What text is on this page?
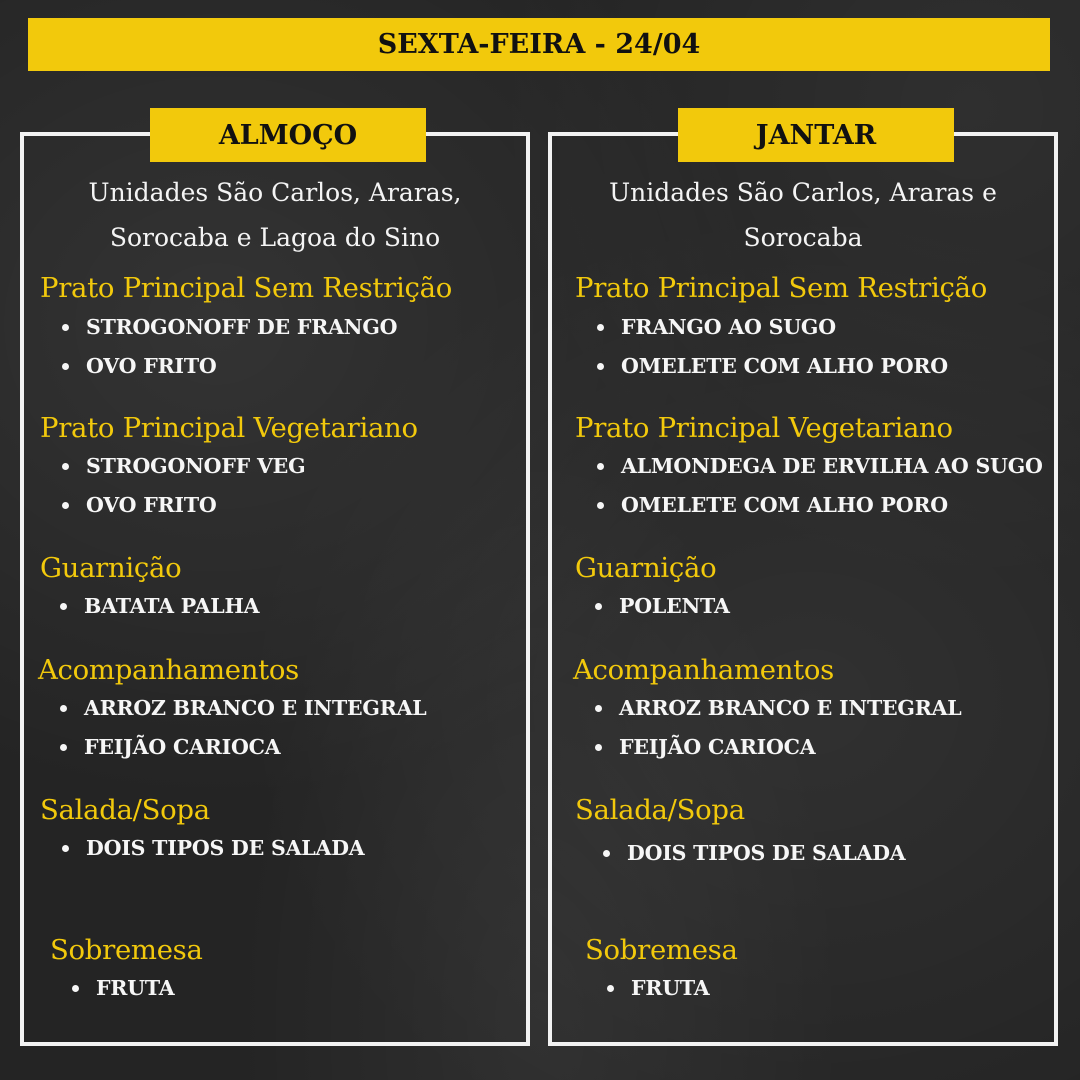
SEXTA-FEIRA - 24/04
ALMOÇO
Unidades São Carlos, Araras,
Sorocaba e Lagoa do Sino
Prato Principal Sem Restrição
STROGONOFF DE FRANGO
OVO FRITO
Prato Principal Vegetariano
STROGONOFF VEG
OVO FRITO
Guarnição
BATATA PALHA
Acompanhamentos
ARROZ BRANCO E INTEGRAL
FEIJÃO CARIOCA
Salada/Sopa
DOIS TIPOS DE SALADA
Sobremesa
FRUTA
JANTAR
Unidades São Carlos, Araras e
Sorocaba
Prato Principal Sem Restrição
FRANGO AO SUGO
OMELETE COM ALHO PORO
Prato Principal Vegetariano
ALMONDEGA DE ERVILHA AO SUGO
OMELETE COM ALHO PORO
Guarnição
POLENTA
Acompanhamentos
ARROZ BRANCO E INTEGRAL
FEIJÃO CARIOCA
Salada/Sopa
DOIS TIPOS DE SALADA
Sobremesa
FRUTA
